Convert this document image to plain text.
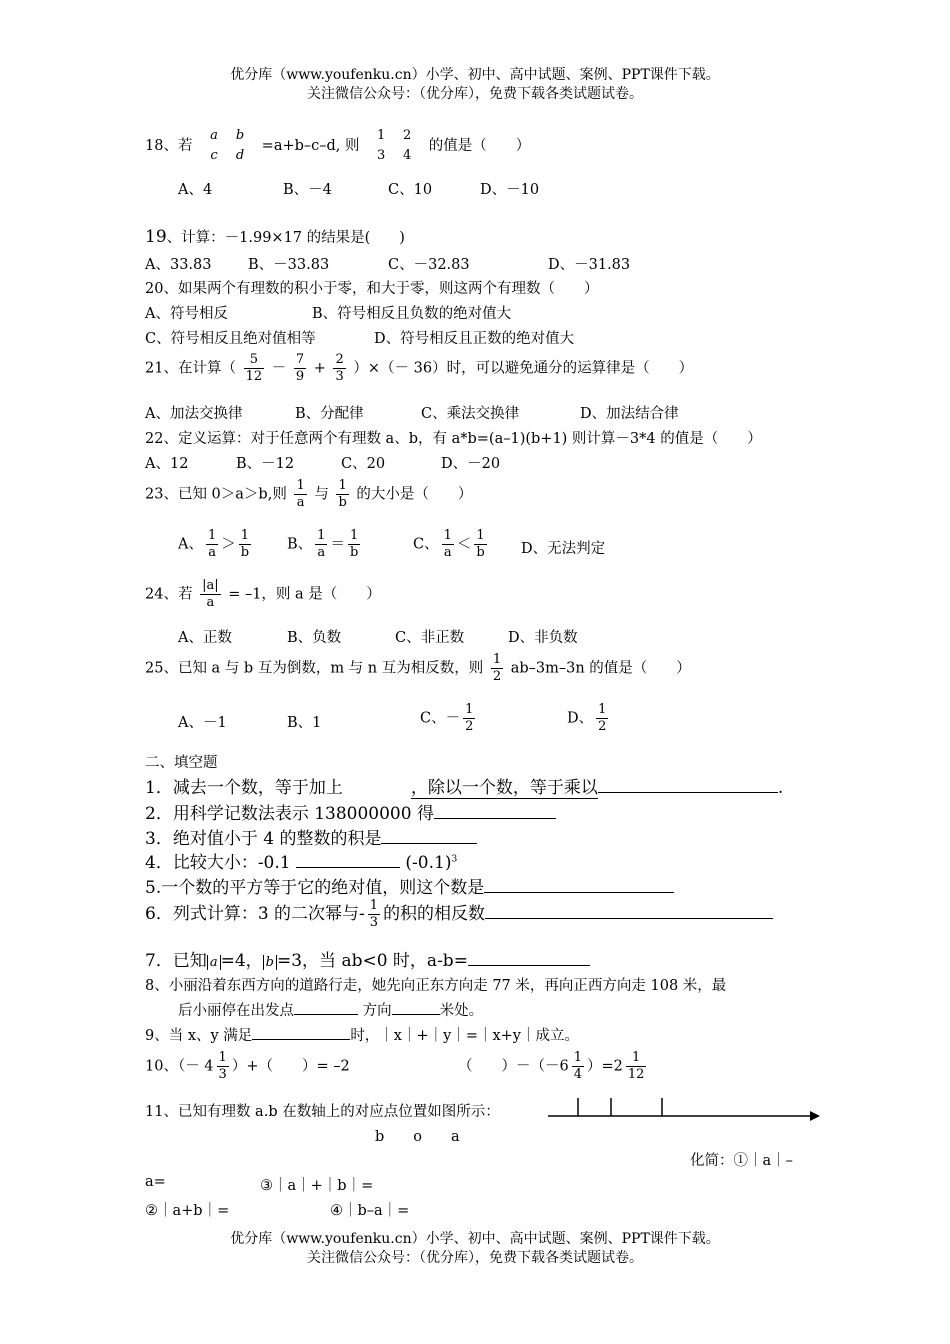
优分库（www.youfenku.cn）小学、初中、高中试题、案例、PPT课件下载。
关注微信公众号：（优分库），免费下载各类试题试卷。
18、若 a b
c d =a+b–c–d, 则 1 2
3 4 的值是（　　）
A、4	B、－4	C、10	D、－10
19、计算：－1.99×17 的结果是(　　)
A、33.83	B、－33.83	C、－32.83	D、－31.83
20、如果两个有理数的积小于零，和大于零，则这两个有理数（　　）
A、符号相反	B、符号相反且负数的绝对值大
C、符号相反且绝对值相等	D、符号相反且正数的绝对值大
21、在计算（ $\frac{5}{12} - \frac{7}{9} + \frac{2}{3}$ ）×（－ 36）时，可以避免通分的运算律是（　　）
A、加法交换律	B、分配律	C、乘法交换律	D、加法结合律
22、定义运算：对于任意两个有理数 a、b，有 a*b=(a–1)(b+1) 则计算－3*4 的值是（　　）
A、12	B、－12	C、20	D、－20
23、已知 0＞a＞b,则 $\frac{1}{a}$ 与 $\frac{1}{b}$ 的大小是（　　）
A、 $\frac{1}{a} > \frac{1}{b}$ B、 $\frac{1}{a} = \frac{1}{b}$	C、 $\frac{1}{a} < \frac{1}{b}$ D、无法判定
24、若 $\frac{|a|}{a} = -1$，则 a 是（　　）
A、正数	B、负数	C、非正数	D、非负数
25、已知 a 与 b 互为倒数，m 与 n 互为相反数，则 $\frac{1}{2} ab-3m-3n$ 的值是（　　）
A、－1	B、1	C、－ $\frac{1}{2}$	D、 $\frac{1}{2}$
二、填空题
1．减去一个数，等于加上	，除以一个数，等于乘以	.
2．用科学记数法表示 138000000 得
3．绝对值小于 4 的整数的积是
4．比较大小：-0.1	$(-0.1)^3$
5.一个数的平方等于它的绝对值，则这个数是
6．列式计算：3 的二次幂与- $\frac{1}{3}$ 的积的相反数
7．已知 a =4， b =3，当 ab<0 时，a-b=
8、小丽沿着东西方向的道路行走，她先向正东方向走 77 米，再向正西方向走 108 米，最
后小丽停在出发点	方向	米处。
9、当 x、y 满足	时，｜x｜+｜y｜=｜x+y｜成立。
10、（－ $4 \frac{1}{3}$ ）+（　　）= –2	（　　）$-(-6 \frac{1}{4} )=2 \frac{1}{12}$
11、已知有理数 a.b 在数轴上的对应点位置如图所示：
b　　o　　a
化简：①｜a｜–
a=	③｜a｜+｜b｜=
②｜a+b｜=	④｜b–a｜=
优分库（www.youfenku.cn）小学、初中、高中试题、案例、PPT课件下载。
关注微信公众号：（优分库），免费下载各类试题试卷。
